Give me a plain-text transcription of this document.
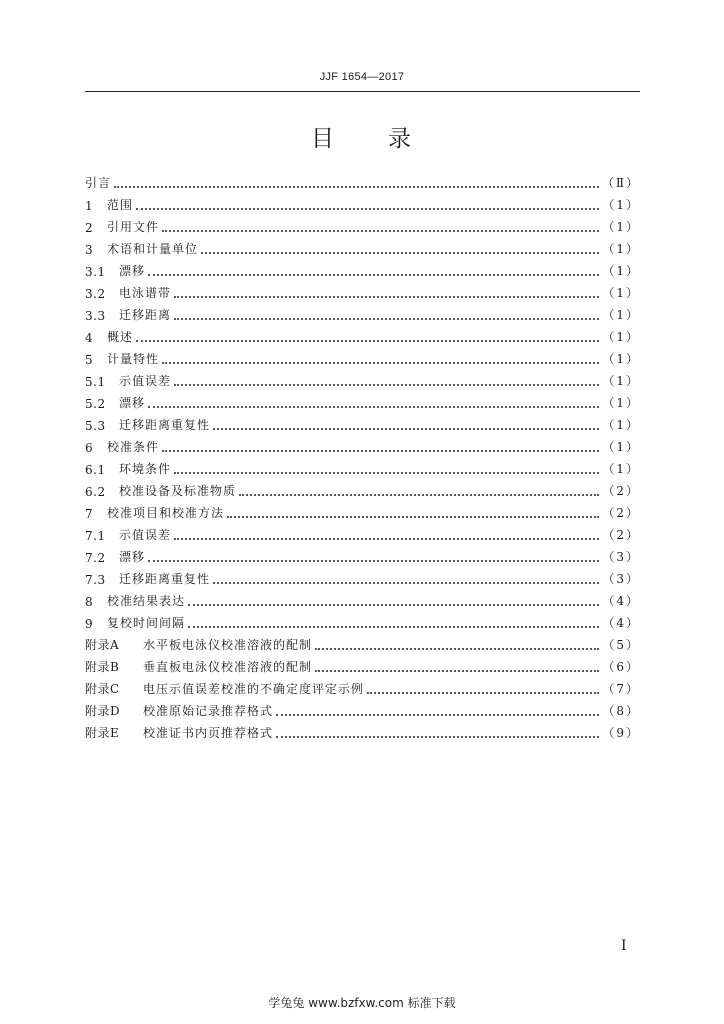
JJF 1654—2017
目 录
引言	（Ⅱ）
1	范围	（1）
2	引用文件	（1）
3	术语和计量单位	（1）
3.1	漂移	（1）
3.2	电泳谱带	（1）
3.3	迁移距离	（1）
4	概述	（1）
5	计量特性	（1）
5.1	示值误差	（1）
5.2	漂移	（1）
5.3	迁移距离重复性	（1）
6	校准条件	（1）
6.1	环境条件	（1）
6.2	校准设备及标准物质	（2）
7	校准项目和校准方法	（2）
7.1	示值误差	（2）
7.2	漂移	（3）
7.3	迁移距离重复性	（3）
8	校准结果表达	（4）
9	复校时间间隔	（4）
附录A	水平板电泳仪校准溶液的配制	（5）
附录B	垂直板电泳仪校准溶液的配制	（6）
附录C	电压示值误差校准的不确定度评定示例	（7）
附录D	校准原始记录推荐格式	（8）
附录E	校准证书内页推荐格式	（9）
I
学兔兔 www.bzfxw.com 标准下载
